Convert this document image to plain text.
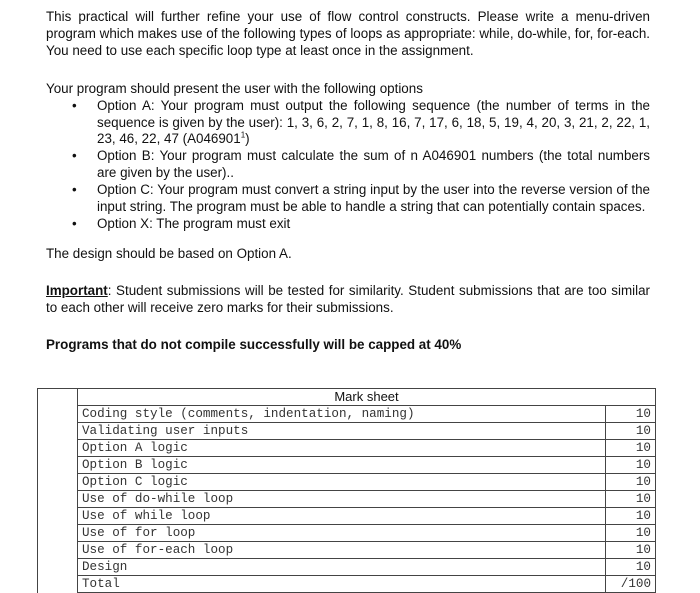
This practical will further refine your use of flow control constructs. Please write a menu-driven program which makes use of the following types of loops as appropriate: while, do-while, for, for-each. You need to use each specific loop type at least once in the assignment.

Your program should present the user with the following options

• Option A: Your program must output the following sequence (the number of terms in the sequence is given by the user): 1, 3, 6, 2, 7, 1, 8, 16, 7, 17, 6, 18, 5, 19, 4, 20, 3, 21, 2, 22, 1, 23, 46, 22, 47 (A046901$^1$)
• Option B: Your program must calculate the sum of n A046901 numbers (the total numbers are given by the user)..
• Option C: Your program must convert a string input by the user into the reverse version of the input string. The program must be able to handle a string that can potentially contain spaces.
• Option X: The program must exit

The design should be based on Option A.

Important: Student submissions will be tested for similarity. Student submissions that are too similar to each other will receive zero marks for their submissions.

Programs that do not compile successfully will be capped at 40%

	Mark sheet	
	Coding style (comments, indentation, naming)	10
	Validating user inputs	10
	Option A logic	10
	Option B logic	10
	Option C logic	10
	Use of do-while loop	10
	Use of while loop	10
	Use of for loop	10
	Use of for-each loop	10
	Design	10
	Total	/100
